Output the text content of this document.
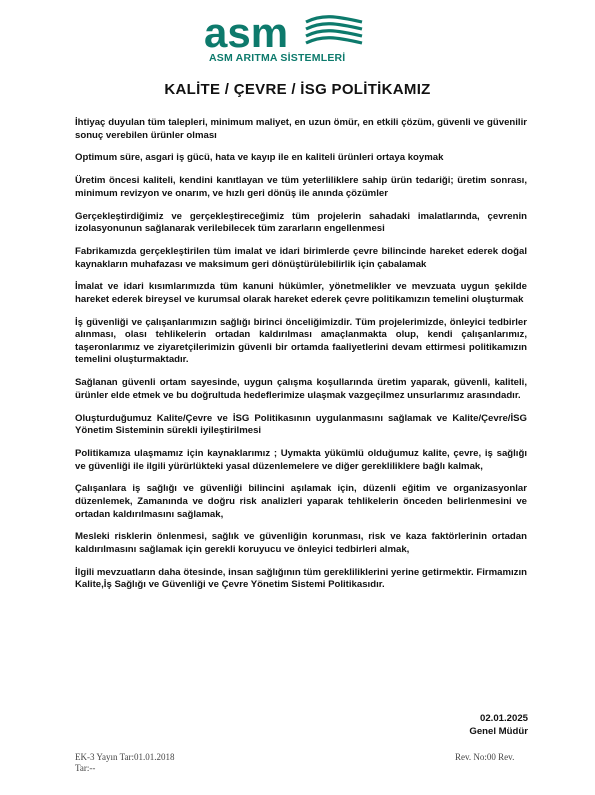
asm
ASM ARITMA SİSTEMLERİ
KALİTE / ÇEVRE / İSG POLİTİKAMIZ

İhtiyaç duyulan tüm talepleri, minimum maliyet, en uzun ömür, en etkili çözüm, güvenli ve güvenilir sonuç verebilen ürünler olması

Optimum süre, asgari iş gücü, hata ve kayıp ile en kaliteli ürünleri ortaya koymak

Üretim öncesi kaliteli, kendini kanıtlayan ve tüm yeterliliklere sahip ürün tedariği; üretim sonrası, minimum revizyon ve onarım, ve hızlı geri dönüş ile anında çözümler

Gerçekleştirdiğimiz ve gerçekleştireceğimiz tüm projelerin sahadaki imalatlarında, çevrenin izolasyonunun sağlanarak verilebilecek tüm zararların engellenmesi

Fabrikamızda gerçekleştirilen tüm imalat ve idari birimlerde çevre bilincinde hareket ederek doğal kaynakların muhafazası ve maksimum geri dönüştürülebilirlik için çabalamak

İmalat ve idari kısımlarımızda tüm kanuni hükümler, yönetmelikler ve mevzuata uygun şekilde hareket ederek bireysel ve kurumsal olarak hareket ederek çevre politikamızın temelini oluşturmak

İş güvenliği ve çalışanlarımızın sağlığı birinci önceliğimizdir. Tüm projelerimizde, önleyici tedbirler alınması, olası tehlikelerin ortadan kaldırılması amaçlanmakta olup, kendi çalışanlarımız, taşeronlarımız ve ziyaretçilerimizin güvenli bir ortamda faaliyetlerini devam ettirmesi politikamızın temelini oluşturmaktadır.

Sağlanan güvenli ortam sayesinde, uygun çalışma koşullarında üretim yaparak, güvenli, kaliteli, ürünler elde etmek ve bu doğrultuda hedeflerimize ulaşmak vazgeçilmez unsurlarımız arasındadır.

Oluşturduğumuz Kalite/Çevre ve İSG Politikasının uygulanmasını sağlamak ve Kalite/Çevre/İSG Yönetim Sisteminin sürekli iyileştirilmesi

Politikamıza ulaşmamız için kaynaklarımız ; Uymakta yükümlü olduğumuz kalite, çevre, iş sağlığı ve güvenliği ile ilgili yürürlükteki yasal düzenlemelere ve diğer gerekliliklere bağlı kalmak,

Çalışanlara iş sağlığı ve güvenliği bilincini aşılamak için, düzenli eğitim ve organizasyonlar düzenlemek, Zamanında ve doğru risk analizleri yaparak tehlikelerin önceden belirlenmesini ve ortadan kaldırılmasını sağlamak,

Mesleki risklerin önlenmesi, sağlık ve güvenliğin korunması, risk ve kaza faktörlerinin ortadan kaldırılmasını sağlamak için gerekli koruyucu ve önleyici tedbirleri almak,

İlgili mevzuatların daha ötesinde, insan sağlığının tüm gerekliliklerini yerine getirmektir. Firmamızın Kalite,İş Sağlığı ve Güvenliği ve Çevre Yönetim Sistemi Politikasıdır.

02.01.2025
Genel Müdür
EK-3 Yayın Tar:01.01.2018
Tar:--
Rev. No:00 Rev.
